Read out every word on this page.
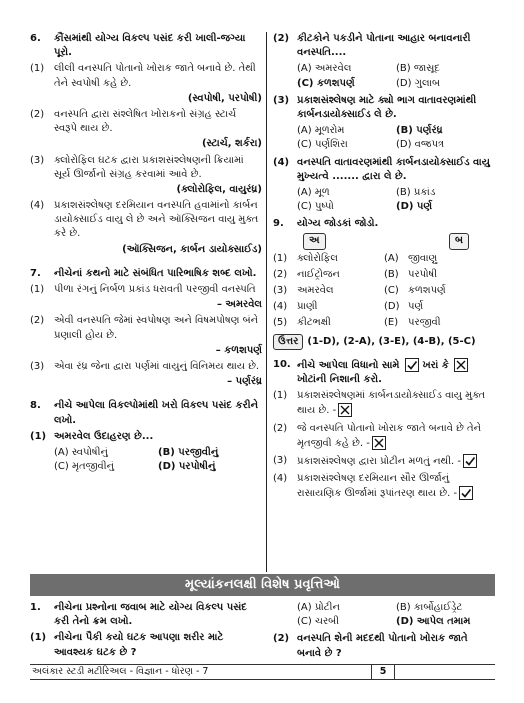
6.	કૌંસમાંથી યોગ્ય વિકલ્પ પસંદ કરી ખાલી-જગ્યા પૂરો.
(1) લીલી વનસ્પતિ પોતાનો ખોરાક જાતે બનાવે છે. તેથી તેને સ્વપોષી કહે છે.
(સ્વપોષી, પરપોષી)
(2) વનસ્પતિ દ્વારા સંશ્લેષિત ખોરાકનો સંગ્રહ સ્ટાર્ચ સ્વરૂપે થાય છે.
(સ્ટાર્ચ, શર્કરા)
(3) ક્લોરોફિલ ઘટક દ્વારા પ્રકાશસંશ્લેષણની ક્રિયામાં સૂર્ય ઊર્જાનો સંગ્રહ કરવામાં આવે છે.
(ક્લોરોફિલ, વાયુરંધ્ર)
(4) પ્રકાશસંશ્લેષણ દરમિયાન વનસ્પતિ હવામાંનો કાર્બન ડાયોક્સાઈડ વાયુ લે છે અને ઑક્સિજન વાયુ મુક્ત કરે છે.
(ઑક્સિજન, કાર્બન ડાયોક્સાઈડ)
7.	નીચેનાં કથનો માટે સંબંધિત પારિભાષિક શબ્દ લખો.
(1) પીળા રંગનું નિર્બળ પ્રકાંડ ધરાવતી પરજીવી વનસ્પતિ
– અમરવેલ
(2) એવી વનસ્પતિ જેમાં સ્વપોષણ અને વિષમપોષણ બંને પ્રણાલી હોય છે.
– કળશપર્ણ
(3) એવા રંધ્ર જેના દ્વારા પર્ણમાં વાયુનું વિનિમય થાય છે.
– પર્ણરંધ્ર
8.	નીચે આપેલા વિકલ્પોમાંથી ખરો વિકલ્પ પસંદ કરીને લખો.
(1) અમરવેલ ઉદાહરણ છે...
(A) સ્વપોષીનું	(B) પરજીવીનું
(C) મૃતજીવીનું	(D) પરપોષીનું
(2) કીટકોને પકડીને પોતાના આહાર બનાવનારી વનસ્પતિ....
(A) અમરવેલ	(B) જાસૂદ
(C) કળશપર્ણ	(D) ગુલાબ
(3) પ્રકાશસંશ્લેષણ માટે ક્યો ભાગ વાતાવરણમાંથી કાર્બનડાયોક્સાઈડ લે છે.
(A) મૂળરોમ	(B) પર્ણરંધ્ર
(C) પર્ણશિરા	(D) વજ્રપત્ર
(4) વનસ્પતિ વાતાવરણમાંથી કાર્બનડાયોક્સાઈડ વાયુ મુખ્યત્વે ....... દ્વારા લે છે.
(A) મૂળ	(B) પ્રકાંડ
(C) પુષ્પો	(D) પર્ણ
9.	યોગ્ય જોડકાં જોડો.
અ	બ
(1) ક્લોરોફિલ	(A) જીવાણુ
(2) નાઈટ્રોજન	(B) પરપોષી
(3) અમરવેલ	(C) કળશપર્ણ
(4) પ્રાણી	(D) પર્ણ
(5) કીટભક્ષી	(E) પરજીવી
ઉત્તર (1-D), (2-A), (3-E), (4-B), (5-C)
10. નીચે આપેલા વિધાનો સામે ખરાં કે  ખોટાંની નિશાની કરો.
(1) પ્રકાશસંશ્લેષણમાં કાર્બનડાયોક્સાઈડ વાયુ મુક્ત થાય છે. -
(2) જે વનસ્પતિ પોતાનો ખોરાક જાતે બનાવે છે તેને મૃતજીવી કહે છે. -
(3) પ્રકાશસંશ્લેષણ દ્વારા પ્રોટીન મળતું નથી. -
(4) પ્રકાશસંશ્લેષણ દરમિયાન સૌર ઊર્જાનું રાસાયણિક ઊર્જામાં રૂપાંતરણ થાય છે. -
મૂલ્યાંકનલક્ષી વિશેષ પ્રવૃત્તિઓ
1.	નીચેના પ્રશ્નોના જવાબ માટે યોગ્ય વિકલ્પ પસંદ કરી તેનો ક્રમ લખો.
(1) નીચેના પૈકી કયો ઘટક આપણા શરીર માટે આવશ્યક ઘટક છે ?
(A) પ્રોટીન	(B) કાર્બોહાઈડ્રેટ
(C) ચરબી	(D) આપેલ તમામ
(2) વનસ્પતિ શેની મદદથી પોતાનો ખોરાક જાતે બનાવે છે ?
અલંકાર સ્ટડી મટીરિઅલ - વિજ્ઞાન - ધોરણ - 7	5
